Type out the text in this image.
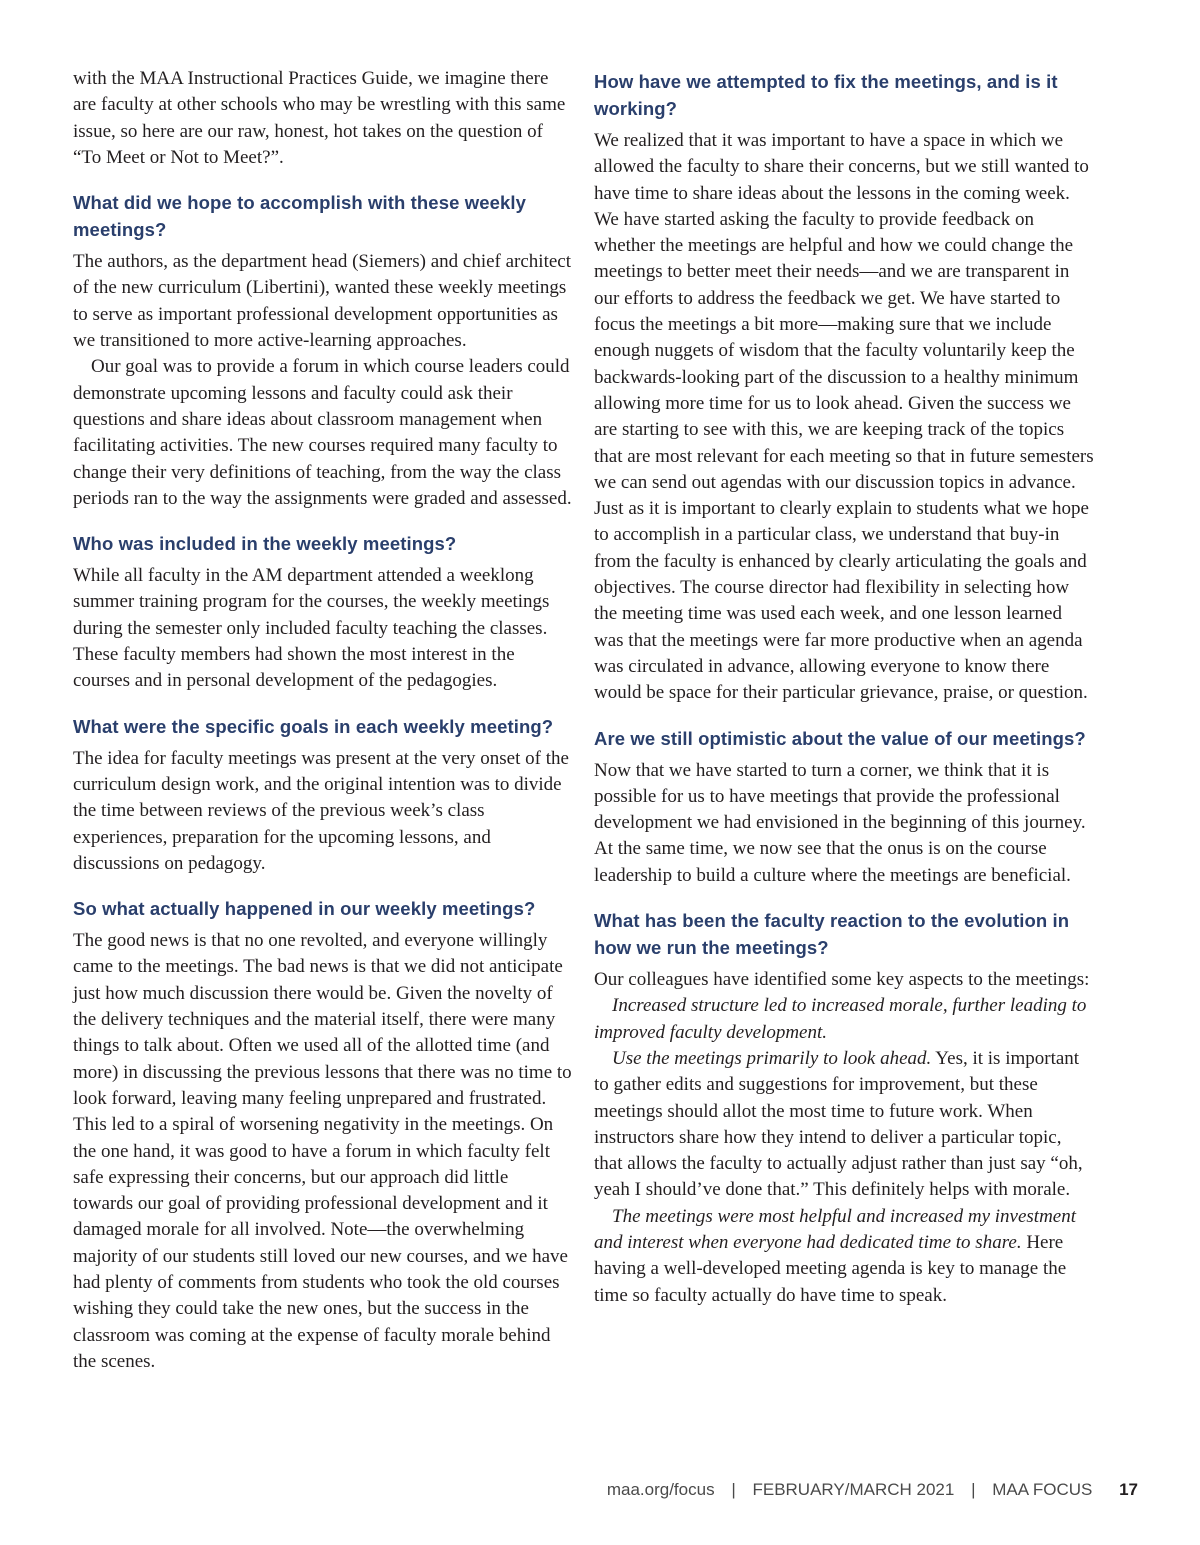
with the MAA Instructional Practices Guide, we imagine there are faculty at other schools who may be wrestling with this same issue, so here are our raw, honest, hot takes on the question of “To Meet or Not to Meet?”.

What did we hope to accomplish with these weekly meetings?

The authors, as the department head (Siemers) and chief architect of the new curriculum (Libertini), wanted these weekly meetings to serve as important professional development opportunities as we transitioned to more active-learning approaches.

Our goal was to provide a forum in which course leaders could demonstrate upcoming lessons and faculty could ask their questions and share ideas about classroom management when facilitating activities. The new courses required many faculty to change their very definitions of teaching, from the way the class periods ran to the way the assignments were graded and assessed.

Who was included in the weekly meetings?

While all faculty in the AM department attended a weeklong summer training program for the courses, the weekly meetings during the semester only included faculty teaching the classes. These faculty members had shown the most interest in the courses and in personal development of the pedagogies.

What were the specific goals in each weekly meeting?

The idea for faculty meetings was present at the very onset of the curriculum design work, and the original intention was to divide the time between reviews of the previous week’s class experiences, preparation for the upcoming lessons, and discussions on pedagogy.

So what actually happened in our weekly meetings?

The good news is that no one revolted, and everyone willingly came to the meetings. The bad news is that we did not anticipate just how much discussion there would be. Given the novelty of the delivery techniques and the material itself, there were many things to talk about. Often we used all of the allotted time (and more) in discussing the previous lessons that there was no time to look forward, leaving many feeling unprepared and frustrated. This led to a spiral of worsening negativity in the meetings. On the one hand, it was good to have a forum in which faculty felt safe expressing their concerns, but our approach did little towards our goal of providing professional development and it damaged morale for all involved. Note—the overwhelming majority of our students still loved our new courses, and we have had plenty of comments from students who took the old courses wishing they could take the new ones, but the success in the classroom was coming at the expense of faculty morale behind the scenes.

How have we attempted to fix the meetings, and is it working?

We realized that it was important to have a space in which we allowed the faculty to share their concerns, but we still wanted to have time to share ideas about the lessons in the coming week. We have started asking the faculty to provide feedback on whether the meetings are helpful and how we could change the meetings to better meet their needs—and we are transparent in our efforts to address the feedback we get. We have started to focus the meetings a bit more—making sure that we include enough nuggets of wisdom that the faculty voluntarily keep the backwards-looking part of the discussion to a healthy minimum allowing more time for us to look ahead. Given the success we are starting to see with this, we are keeping track of the topics that are most relevant for each meeting so that in future semesters we can send out agendas with our discussion topics in advance. Just as it is important to clearly explain to students what we hope to accomplish in a particular class, we understand that buy-in from the faculty is enhanced by clearly articulating the goals and objectives. The course director had flexibility in selecting how the meeting time was used each week, and one lesson learned was that the meetings were far more productive when an agenda was circulated in advance, allowing everyone to know there would be space for their particular grievance, praise, or question.

Are we still optimistic about the value of our meetings?

Now that we have started to turn a corner, we think that it is possible for us to have meetings that provide the professional development we had envisioned in the beginning of this journey. At the same time, we now see that the onus is on the course leadership to build a culture where the meetings are beneficial.

What has been the faculty reaction to the evolution in how we run the meetings?

Our colleagues have identified some key aspects to the meetings:

Increased structure led to increased morale, further leading to improved faculty development.

Use the meetings primarily to look ahead. Yes, it is important to gather edits and suggestions for improvement, but these meetings should allot the most time to future work. When instructors share how they intend to deliver a particular topic, that allows the faculty to actually adjust rather than just say “oh, yeah I should’ve done that.” This definitely helps with morale.

The meetings were most helpful and increased my investment and interest when everyone had dedicated time to share. Here having a well-developed meeting agenda is key to manage the time so faculty actually do have time to speak.

maa.org/focus | FEBRUARY/MARCH 2021 | MAA FOCUS 17
